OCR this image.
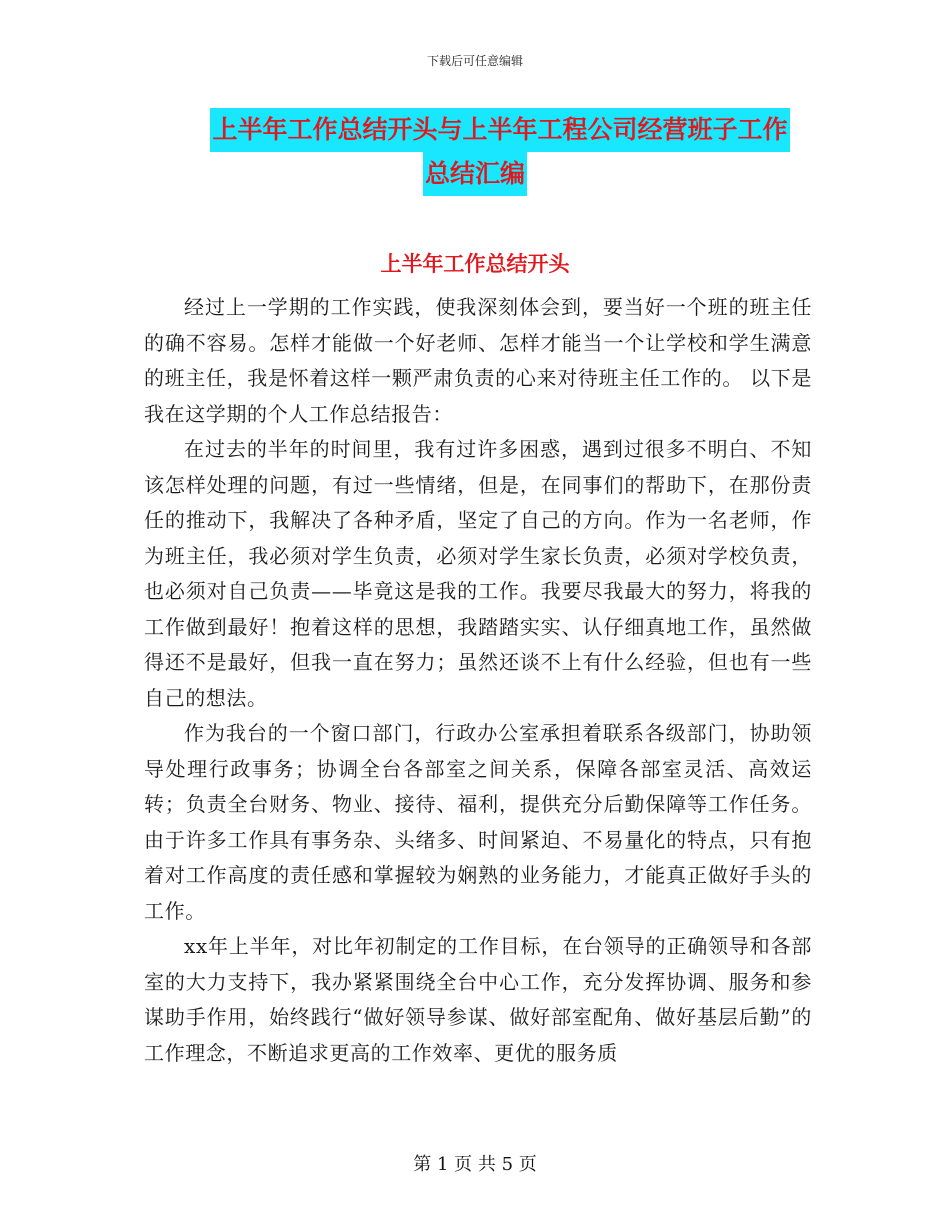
下载后可任意编辑
上半年工作总结开头与上半年工程公司经营班子工作
总结汇编
上半年工作总结开头

经过上一学期的工作实践，使我深刻体会到，要当好一个班的班主任的确不容易。怎样才能做一个好老师、怎样才能当一个让学校和学生满意的班主任，我是怀着这样一颗严肃负责的心来对待班主任工作的。 以下是我在这学期的个人工作总结报告：

在过去的半年的时间里，我有过许多困惑，遇到过很多不明白、不知该怎样处理的问题，有过一些情绪，但是，在同事们的帮助下，在那份责任的推动下，我解决了各种矛盾，坚定了自己的方向。作为一名老师，作为班主任，我必须对学生负责，必须对学生家长负责，必须对学校负责，也必须对自己负责——毕竟这是我的工作。我要尽我最大的努力，将我的工作做到最好！抱着这样的思想，我踏踏实实、认仔细真地工作，虽然做得还不是最好，但我一直在努力；虽然还谈不上有什么经验，但也有一些自己的想法。

作为我台的一个窗口部门，行政办公室承担着联系各级部门，协助领导处理行政事务；协调全台各部室之间关系，保障各部室灵活、高效运转；负责全台财务、物业、接待、福利，提供充分后勤保障等工作任务。由于许多工作具有事务杂、头绪多、时间紧迫、不易量化的特点，只有抱着对工作高度的责任感和掌握较为娴熟的业务能力，才能真正做好手头的工作。

xx年上半年，对比年初制定的工作目标，在台领导的正确领导和各部室的大力支持下，我办紧紧围绕全台中心工作，充分发挥协调、服务和参谋助手作用，始终践行“做好领导参谋、做好部室配角、做好基层后勤”的工作理念，不断追求更高的工作效率、更优的服务质

第 1 页 共 5 页
